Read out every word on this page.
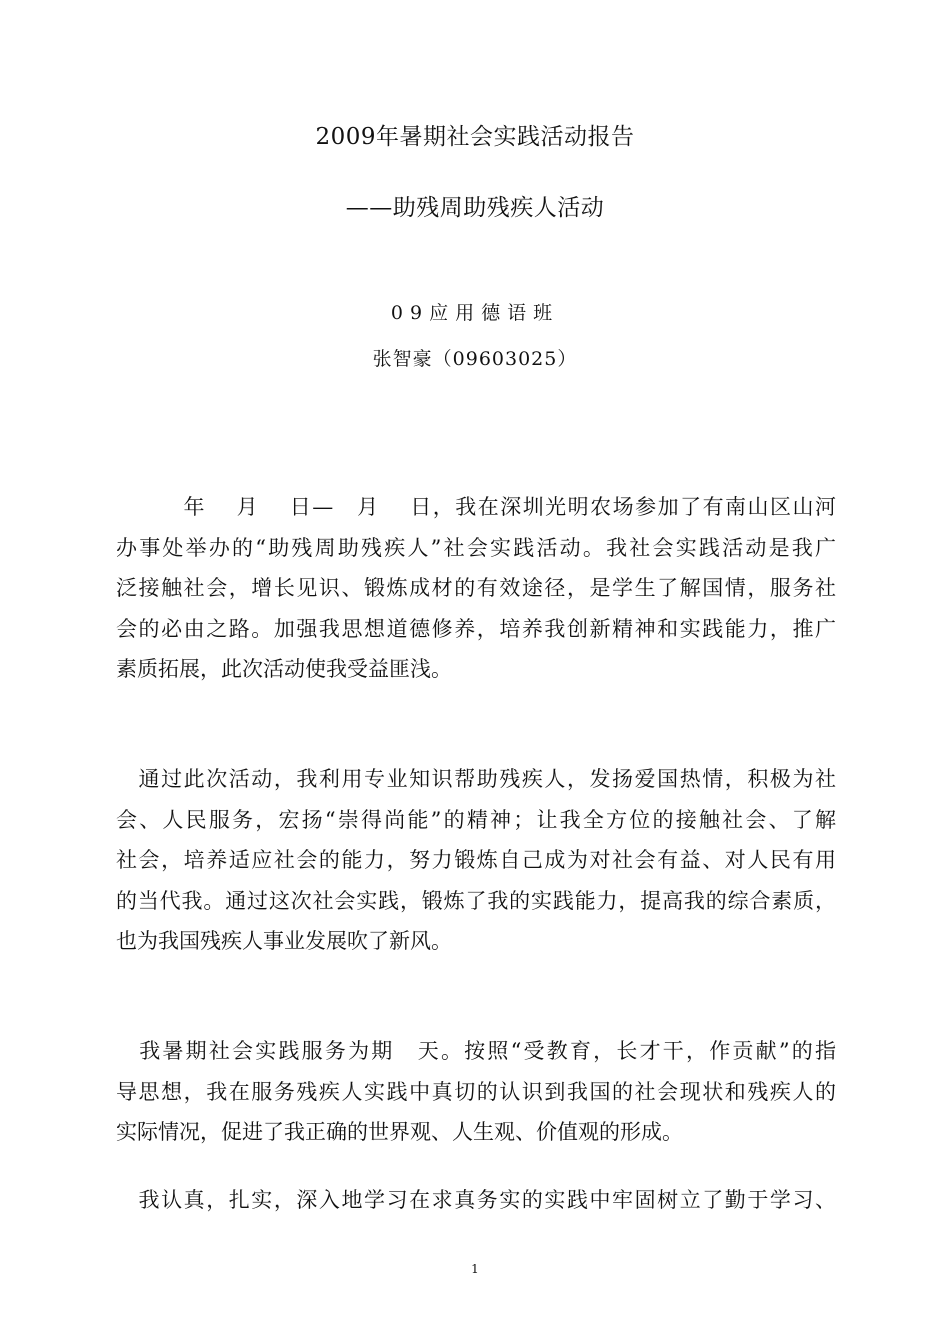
2009年暑期社会实践活动报告
——助残周助残疾人活动
09应用德语班
张智豪（09603025）
　　　年　 月　 日—　月　 日，我在深圳光明农场参加了有南山区山河
办事处举办的“助残周助残疾人”社会实践活动。我社会实践活动是我广
泛接触社会，增长见识、锻炼成材的有效途径，是学生了解国情，服务社
会的必由之路。加强我思想道德修养，培养我创新精神和实践能力，推广
素质拓展，此次活动使我受益匪浅。
　通过此次活动，我利用专业知识帮助残疾人，发扬爱国热情，积极为社
会、人民服务，宏扬“崇得尚能”的精神；让我全方位的接触社会、了解
社会，培养适应社会的能力，努力锻炼自己成为对社会有益、对人民有用
的当代我。通过这次社会实践，锻炼了我的实践能力，提高我的综合素质，
也为我国残疾人事业发展吹了新风。
　我暑期社会实践服务为期　天。按照“受教育，长才干，作贡献”的指
导思想，我在服务残疾人实践中真切的认识到我国的社会现状和残疾人的
实际情况，促进了我正确的世界观、人生观、价值观的形成。
　我认真，扎实，深入地学习在求真务实的实践中牢固树立了勤于学习、
1
